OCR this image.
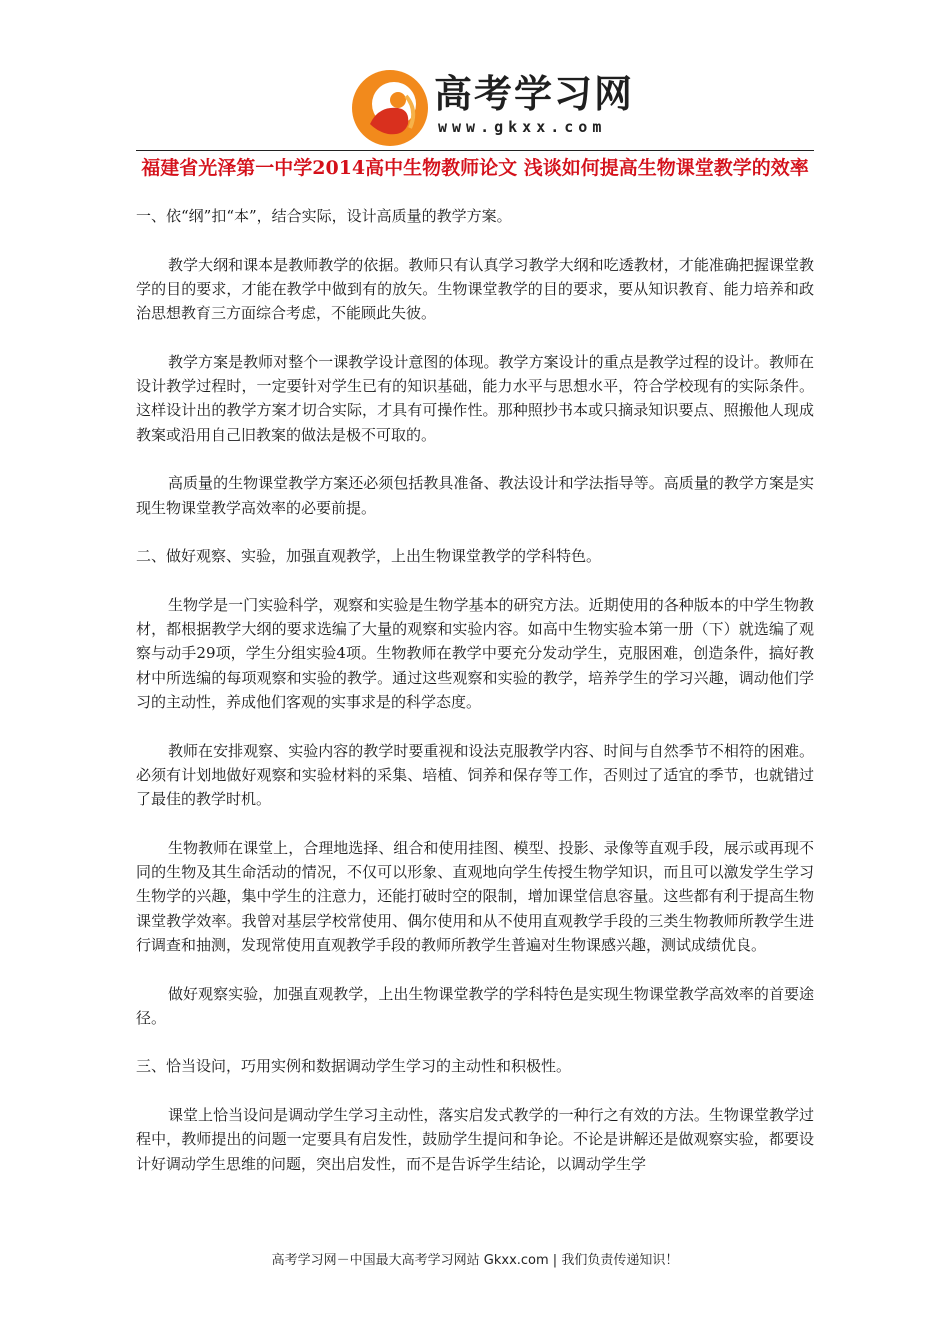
高考学习网
www.gkxx.com
福建省光泽第一中学2014高中生物教师论文 浅谈如何提高生物课堂教学的效率

一、依“纲”扣“本”，结合实际，设计高质量的教学方案。

教学大纲和课本是教师教学的依据。教师只有认真学习教学大纲和吃透教材，才能准确把握课堂教学的目的要求，才能在教学中做到有的放矢。生物课堂教学的目的要求，要从知识教育、能力培养和政治思想教育三方面综合考虑，不能顾此失彼。

教学方案是教师对整个一课教学设计意图的体现。教学方案设计的重点是教学过程的设计。教师在设计教学过程时，一定要针对学生已有的知识基础，能力水平与思想水平，符合学校现有的实际条件。这样设计出的教学方案才切合实际，才具有可操作性。那种照抄书本或只摘录知识要点、照搬他人现成教案或沿用自己旧教案的做法是极不可取的。

高质量的生物课堂教学方案还必须包括教具准备、教法设计和学法指导等。高质量的教学方案是实现生物课堂教学高效率的必要前提。

二、做好观察、实验，加强直观教学，上出生物课堂教学的学科特色。

生物学是一门实验科学，观察和实验是生物学基本的研究方法。近期使用的各种版本的中学生物教材，都根据教学大纲的要求选编了大量的观察和实验内容。如高中生物实验本第一册（下）就选编了观察与动手29项，学生分组实验4项。生物教师在教学中要充分发动学生，克服困难，创造条件，搞好教材中所选编的每项观察和实验的教学。通过这些观察和实验的教学，培养学生的学习兴趣，调动他们学习的主动性，养成他们客观的实事求是的科学态度。

教师在安排观察、实验内容的教学时要重视和设法克服教学内容、时间与自然季节不相符的困难。必须有计划地做好观察和实验材料的采集、培植、饲养和保存等工作，否则过了适宜的季节，也就错过了最佳的教学时机。

生物教师在课堂上，合理地选择、组合和使用挂图、模型、投影、录像等直观手段，展示或再现不同的生物及其生命活动的情况，不仅可以形象、直观地向学生传授生物学知识，而且可以激发学生学习生物学的兴趣，集中学生的注意力，还能打破时空的限制，增加课堂信息容量。这些都有利于提高生物课堂教学效率。我曾对基层学校常使用、偶尔使用和从不使用直观教学手段的三类生物教师所教学生进行调查和抽测，发现常使用直观教学手段的教师所教学生普遍对生物课感兴趣，测试成绩优良。

做好观察实验，加强直观教学，上出生物课堂教学的学科特色是实现生物课堂教学高效率的首要途径。

三、恰当设问，巧用实例和数据调动学生学习的主动性和积极性。

课堂上恰当设问是调动学生学习主动性，落实启发式教学的一种行之有效的方法。生物课堂教学过程中，教师提出的问题一定要具有启发性，鼓励学生提问和争论。不论是讲解还是做观察实验，都要设计好调动学生思维的问题，突出启发性，而不是告诉学生结论，以调动学生学

高考学习网－中国最大高考学习网站 Gkxx.com | 我们负责传递知识！
